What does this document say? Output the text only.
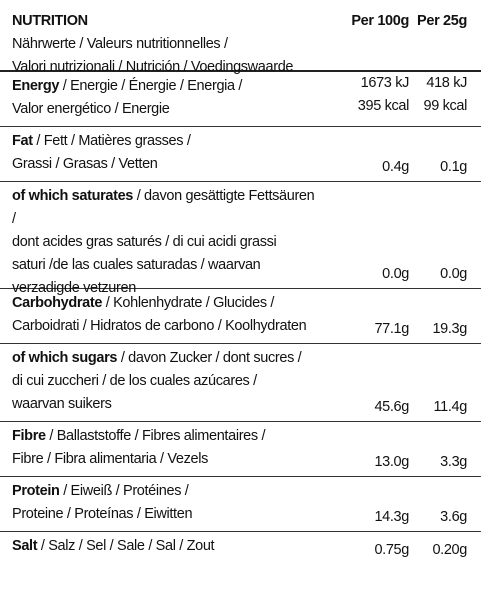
NUTRITION
Nährwerte / Valeurs nutritionnelles /
Valori nutrizionali / Nutrición / Voedingswaarde
Per 100g Per 25g
Energy / Energie / Énergie / Energia /
Valor energético / Energie
1673 kJ	418 kJ
395 kcal	99 kcal
Fat / Fett / Matières grasses /
Grassi / Grasas / Vetten	0.4g	0.1g
of which saturates / davon gesättigte Fettsäuren /
dont acides gras saturés / di cui acidi grassi
saturi /de las cuales saturadas / waarvan
verzadigde vetzuren
0.0g	0.0g
Carbohydrate / Kohlenhydrate / Glucides /
Carboidrati / Hidratos de carbono / Koolhydraten	77.1g	19.3g
of which sugars / davon Zucker / dont sucres /
di cui zuccheri / de los cuales azúcares /
waarvan suikers	45.6g	11.4g
Fibre / Ballaststoffe / Fibres alimentaires /
Fibre / Fibra alimentaria / Vezels	13.0g	3.3g
Protein / Eiweiß / Protéines /
Proteine / Proteínas / Eiwitten	14.3g	3.6g
Salt / Salz / Sel / Sale / Sal / Zout	0.75g	0.20g
